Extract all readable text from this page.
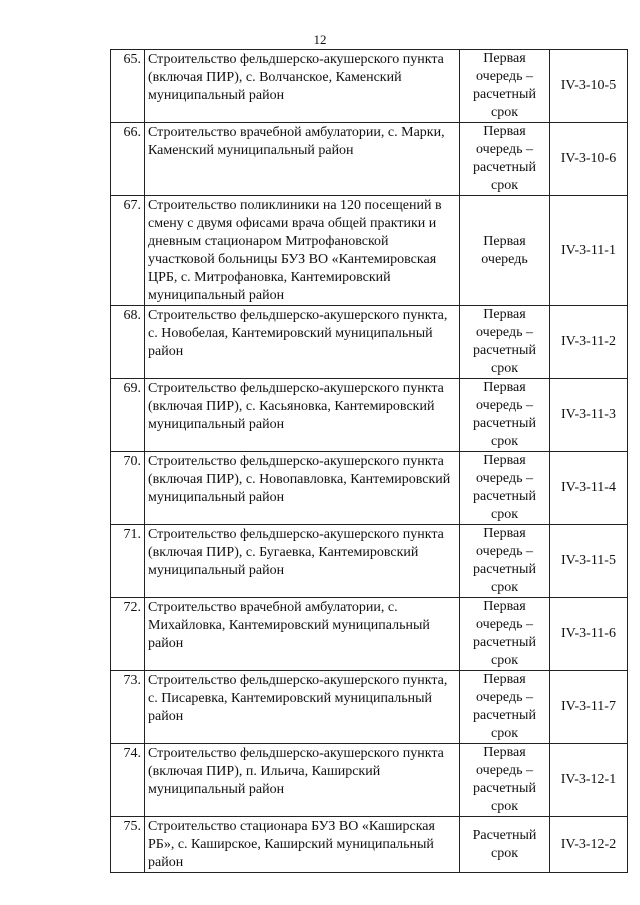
12
65.	Строительство фельдшерско-акушерского пункта (включая ПИР), с. Волчанское, Каменский муниципальный район	Первая очередь – расчетный срок	IV-3-10-5

66.	Строительство врачебной амбулатории, с. Марки, Каменский муниципальный район	Первая очередь – расчетный срок	IV-3-10-6

67.	Строительство поликлиники на 120 посещений в смену с двумя офисами врача общей практики и дневным стационаром Митрофановской участковой больницы БУЗ ВО «Кантемировская ЦРБ, с. Митрофановка, Кантемировский муниципальный район	Первая очередь	IV-3-11-1

68.	Строительство фельдшерско-акушерского пункта, с. Новобелая, Кантемировский муниципальный район	Первая очередь – расчетный срок	IV-3-11-2

69.	Строительство фельдшерско-акушерского пункта (включая ПИР), с. Касьяновка, Кантемировский муниципальный район	Первая очередь – расчетный срок	IV-3-11-3

70.	Строительство фельдшерско-акушерского пункта (включая ПИР), с. Новопавловка, Кантемировский муниципальный район	Первая очередь – расчетный срок	IV-3-11-4

71.	Строительство фельдшерско-акушерского пункта (включая ПИР), с. Бугаевка, Кантемировский муниципальный район	Первая очередь – расчетный срок	IV-3-11-5

72.	Строительство врачебной амбулатории, с. Михайловка, Кантемировский муниципальный район	Первая очередь – расчетный срок	IV-3-11-6

73.	Строительство фельдшерско-акушерского пункта, с. Писаревка, Кантемировский муниципальный район	Первая очередь – расчетный срок	IV-3-11-7

74.	Строительство фельдшерско-акушерского пункта (включая ПИР), п. Ильича, Каширский муниципальный район	Первая очередь – расчетный срок	IV-3-12-1

75.	Строительство стационара БУЗ ВО «Каширская РБ», с. Каширское, Каширский муниципальный район	Расчетный срок	IV-3-12-2
